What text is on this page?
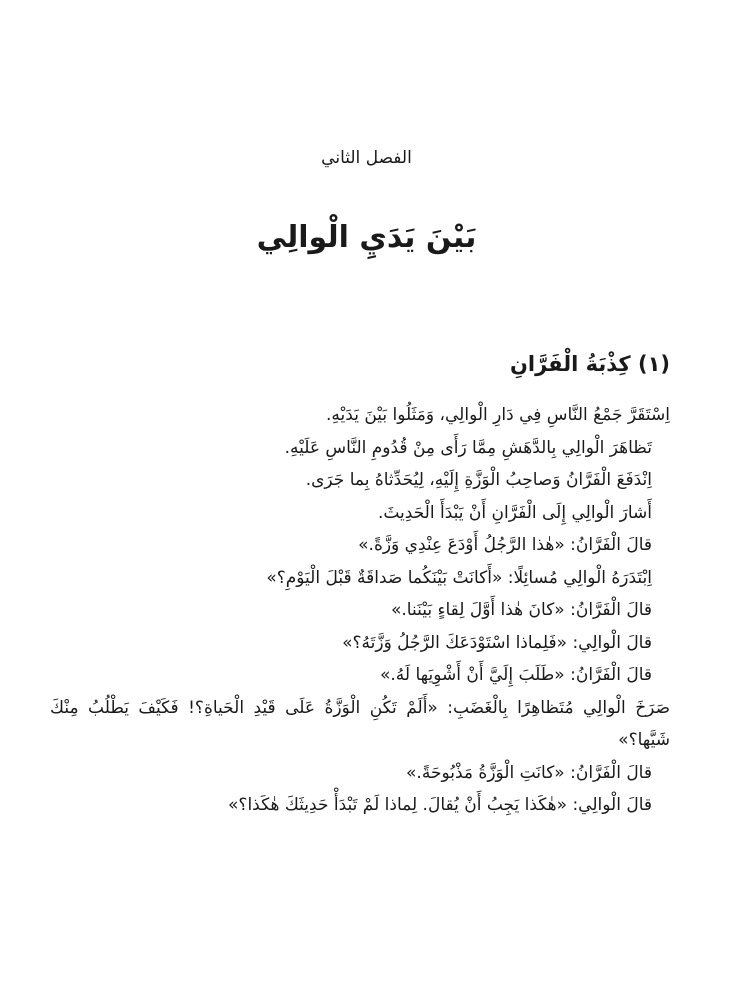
الفصل الثاني
بَيْنَ يَدَيِ الْوالِي
(١) كِذْبَةُ الْفَرَّانِ

اِسْتَقَرَّ جَمْعُ النَّاسِ فِي دَارِ الْوالِي، وَمَثَلُوا بَيْنَ يَدَيْهِ.

تَظاهَرَ الْوالِي بِالدَّهَشِ مِمَّا رَأَى مِنْ قُدُومِ النَّاسِ عَلَيْهِ.

اِنْدَفَعَ الْفَرَّانُ وَصاحِبُ الْوَزَّةِ إِلَيْهِ، لِيُحَدِّثاهُ بِما جَرَى.

أَشارَ الْوالِي إِلَى الْفَرَّانِ أَنْ يَبْدَأَ الْحَدِيثَ.

قالَ الْفَرَّانُ: «هٰذا الرَّجُلُ أَوْدَعَ عِنْدِي وَزَّةً.»

اِبْتَدَرَهُ الْوالِي مُسائِلًا: «أَكانَتْ بَيْنَكُما صَداقَةٌ قَبْلَ الْيَوْمِ؟»

قالَ الْفَرَّانُ: «كانَ هٰذا أَوَّلَ لِقاءٍ بَيْنَنا.»

قالَ الْوالِي: «فَلِماذا اسْتَوْدَعَكَ الرَّجُلُ وَزَّتَهُ؟»

قالَ الْفَرَّانُ: «طَلَبَ إِلَيَّ أَنْ أَشْوِيَها لَهُ.»

صَرَخَ الْوالِي مُتَظاهِرًا بِالْغَضَبِ: «أَلَمْ تَكُنِ الْوَزَّةُ عَلَى قَيْدِ الْحَياةِ؟! فَكَيْفَ يَطْلُبُ مِنْكَ شَيَّها؟»

قالَ الْفَرَّانُ: «كانَتِ الْوَزَّةُ مَذْبُوحَةً.»

قالَ الْوالِي: «هٰكَذا يَجِبُ أَنْ يُقالَ. لِماذا لَمْ تَبْدَأْ حَدِيثَكَ هٰكَذا؟»
